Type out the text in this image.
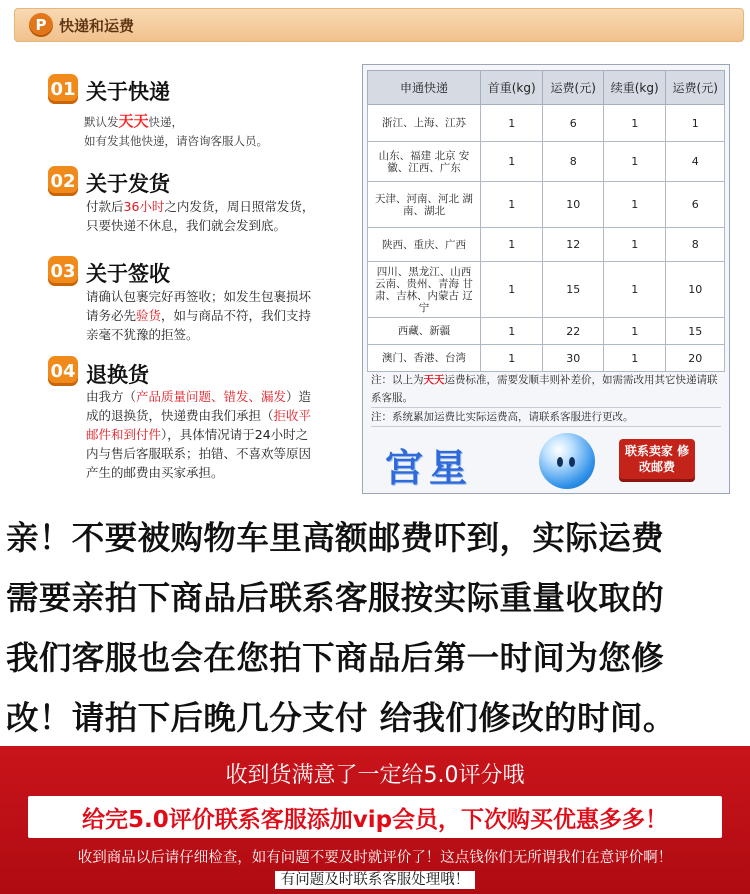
P 快递和运费
01 关于快递
默认发天天快递，
如有发其他快递，请咨询客服人员。
02 关于发货
付款后36小时之内发货，周日照常发货，
只要快递不休息，我们就会发到底。
03 关于签收
请确认包裹完好再签收；如发生包裹损坏
请务必先验货，如与商品不符，我们支持
亲毫不犹豫的拒签。
04 退换货
由我方（产品质量问题、错发、漏发）造
成的退换货，快递费由我们承担（拒收平
邮件和到付件），具体情况请于24小时之
内与售后客服联系；拍错、不喜欢等原因
产生的邮费由买家承担。
申通快递	首重(kg)	运费(元)	续重(kg)	运费(元)
浙江、上海、江苏	1	6	1	1
山东、福建 北京 安徽、江西、广东	1	8	1	4
天津、河南、河北 湖南、湖北	1	10	1	6
陕西、重庆、广西	1	12	1	8
四川、黑龙江、山西 云南、贵州、青海 甘肃、吉林、内蒙古 辽宁	1	15	1	10
西藏、新疆	1	22	1	15
澳门、香港、台湾	1	30	1	20
注：以上为天天运费标准，需要发顺丰则补差价，如需需改用其它快递请联系客服。
注：系统累加运费比实际运费高，请联系客服进行更改。
宫星	联系卖家 修改邮费
亲！不要被购物车里高额邮费吓到，实际运费
需要亲拍下商品后联系客服按实际重量收取的
我们客服也会在您拍下商品后第一时间为您修
改！请拍下后晚几分支付 给我们修改的时间。
收到货满意了一定给5.0评分哦
给完5.0评价联系客服添加vip会员，下次购买优惠多多！
收到商品以后请仔细检查，如有问题不要及时就评价了！这点钱你们无所谓我们在意评价啊！
有问题及时联系客服处理哦！
